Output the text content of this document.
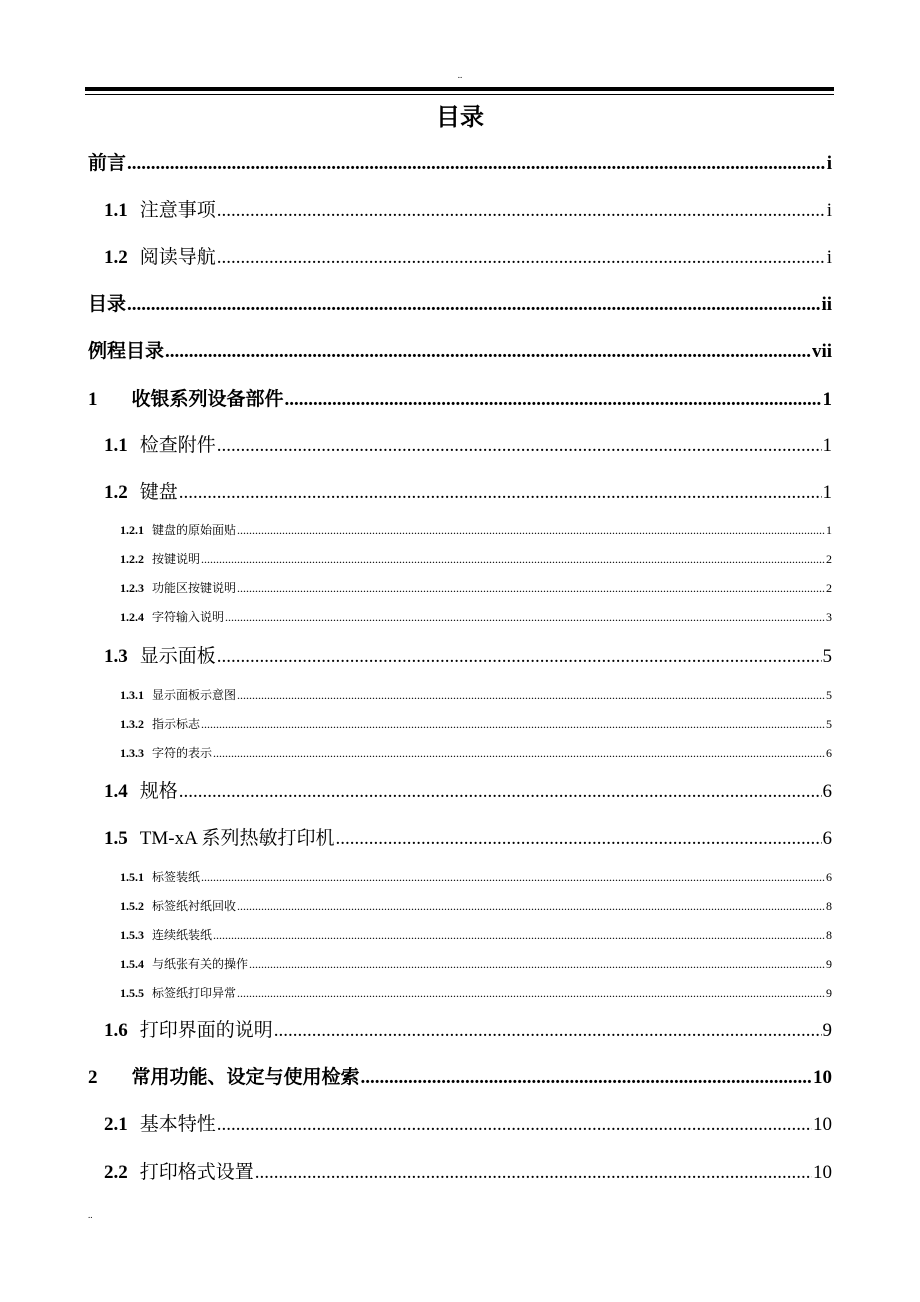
..
目录
前言 .....	i
1.1 注意事项 .....	i
1.2 阅读导航 .....	i
目录 .....	ii
例程目录 .....	vii
1 收银系列设备部件 .....	1
1.1 检查附件 .....	1
1.2 键盘 .....	1
1.2.1 键盘的原始面贴 .....	1
1.2.2 按键说明 .....	2
1.2.3 功能区按键说明 .....	2
1.2.4 字符输入说明 .....	3
1.3 显示面板 .....	5
1.3.1 显示面板示意图 .....	5
1.3.2 指示标志 .....	5
1.3.3 字符的表示 .....	6
1.4 规格 .....	6
1.5 TM-xA 系列热敏打印机 .....	6
1.5.1 标签装纸 .....	6
1.5.2 标签纸衬纸回收 .....	8
1.5.3 连续纸装纸 .....	8
1.5.4 与纸张有关的操作 .....	9
1.5.5 标签纸打印异常 .....	9
1.6 打印界面的说明 .....	9
2 常用功能、设定与使用检索 .....	10
2.1 基本特性 .....	10
2.2 打印格式设置 .....	10
..
